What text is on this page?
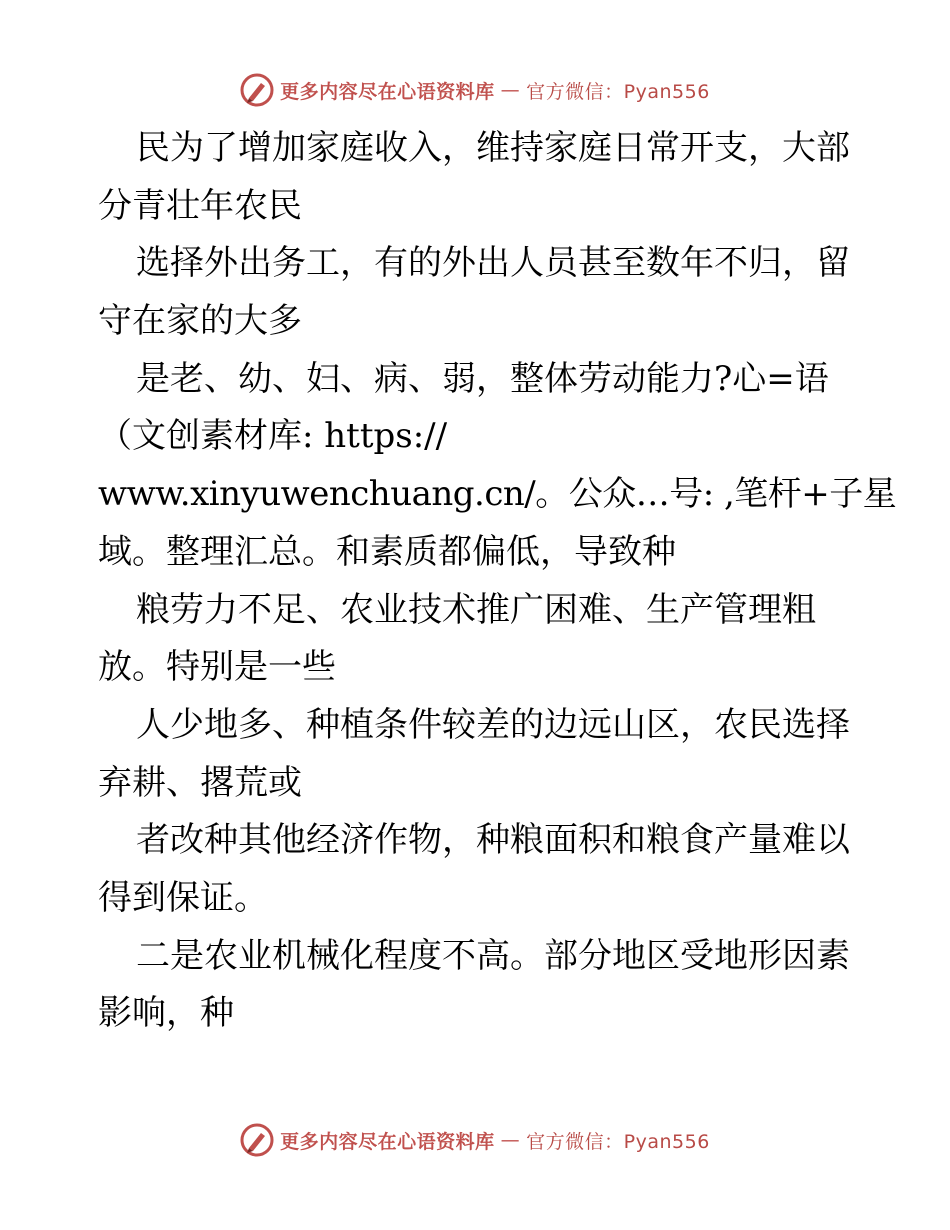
更多内容尽在心语资料库 — 官方微信：Pyan556
民为了增加家庭收入，维持家庭日常开支，大部
分青壮年农民
选择外出务工，有的外出人员甚至数年不归，留
守在家的大多
是老、幼、妇、病、弱，整体劳动能力?心=语
（文创素材库: https://
www.xinyuwenchuang.cn/。公众…号: ,笔杆+子星
域。整理汇总。和素质都偏低，导致种
粮劳力不足、农业技术推广困难、生产管理粗
放。特别是一些
人少地多、种植条件较差的边远山区，农民选择
弃耕、撂荒或
者改种其他经济作物，种粮面积和粮食产量难以
得到保证。
二是农业机械化程度不高。部分地区受地形因素
影响，种
更多内容尽在心语资料库 — 官方微信：Pyan556
